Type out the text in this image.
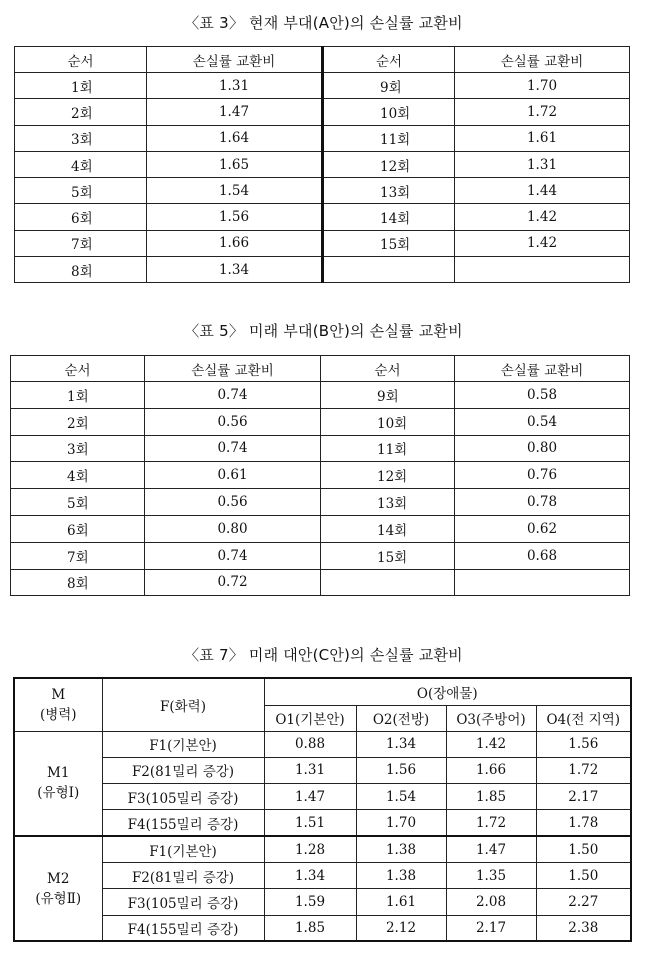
〈표 3〉 현재 부대(A안)의 손실률 교환비
순서	손실률 교환비	순서	손실률 교환비
1회	1.31	9회	1.70
2회	1.47	10회	1.72
3회	1.64	11회	1.61
4회	1.65	12회	1.31
5회	1.54	13회	1.44
6회	1.56	14회	1.42
7회	1.66	15회	1.42
8회	1.34		
〈표 5〉 미래 부대(B안)의 손실률 교환비
순서	손실률 교환비	순서	손실률 교환비
1회	0.74	9회	0.58
2회	0.56	10회	0.54
3회	0.74	11회	0.80
4회	0.61	12회	0.76
5회	0.56	13회	0.78
6회	0.80	14회	0.62
7회	0.74	15회	0.68
8회	0.72		
〈표 7〉 미래 대안(C안)의 손실률 교환비
M
(병력)	F(화력)	O(장애물)			
		O1(기본안)	O2(전방)	O3(주방어)	O4(전 지역)

M1
(유형Ⅰ)	F1(기본안)	0.88	1.34	1.42	1.56
	F2(81밀리 증강)	1.31	1.56	1.66	1.72
	F3(105밀리 증강)	1.47	1.54	1.85	2.17
	F4(155밀리 증강)	1.51	1.70	1.72	1.78

M2
(유형Ⅱ)	F1(기본안)	1.28	1.38	1.47	1.50
	F2(81밀리 증강)	1.34	1.38	1.35	1.50
	F3(105밀리 증강)	1.59	1.61	2.08	2.27
	F4(155밀리 증강)	1.85	2.12	2.17	2.38
